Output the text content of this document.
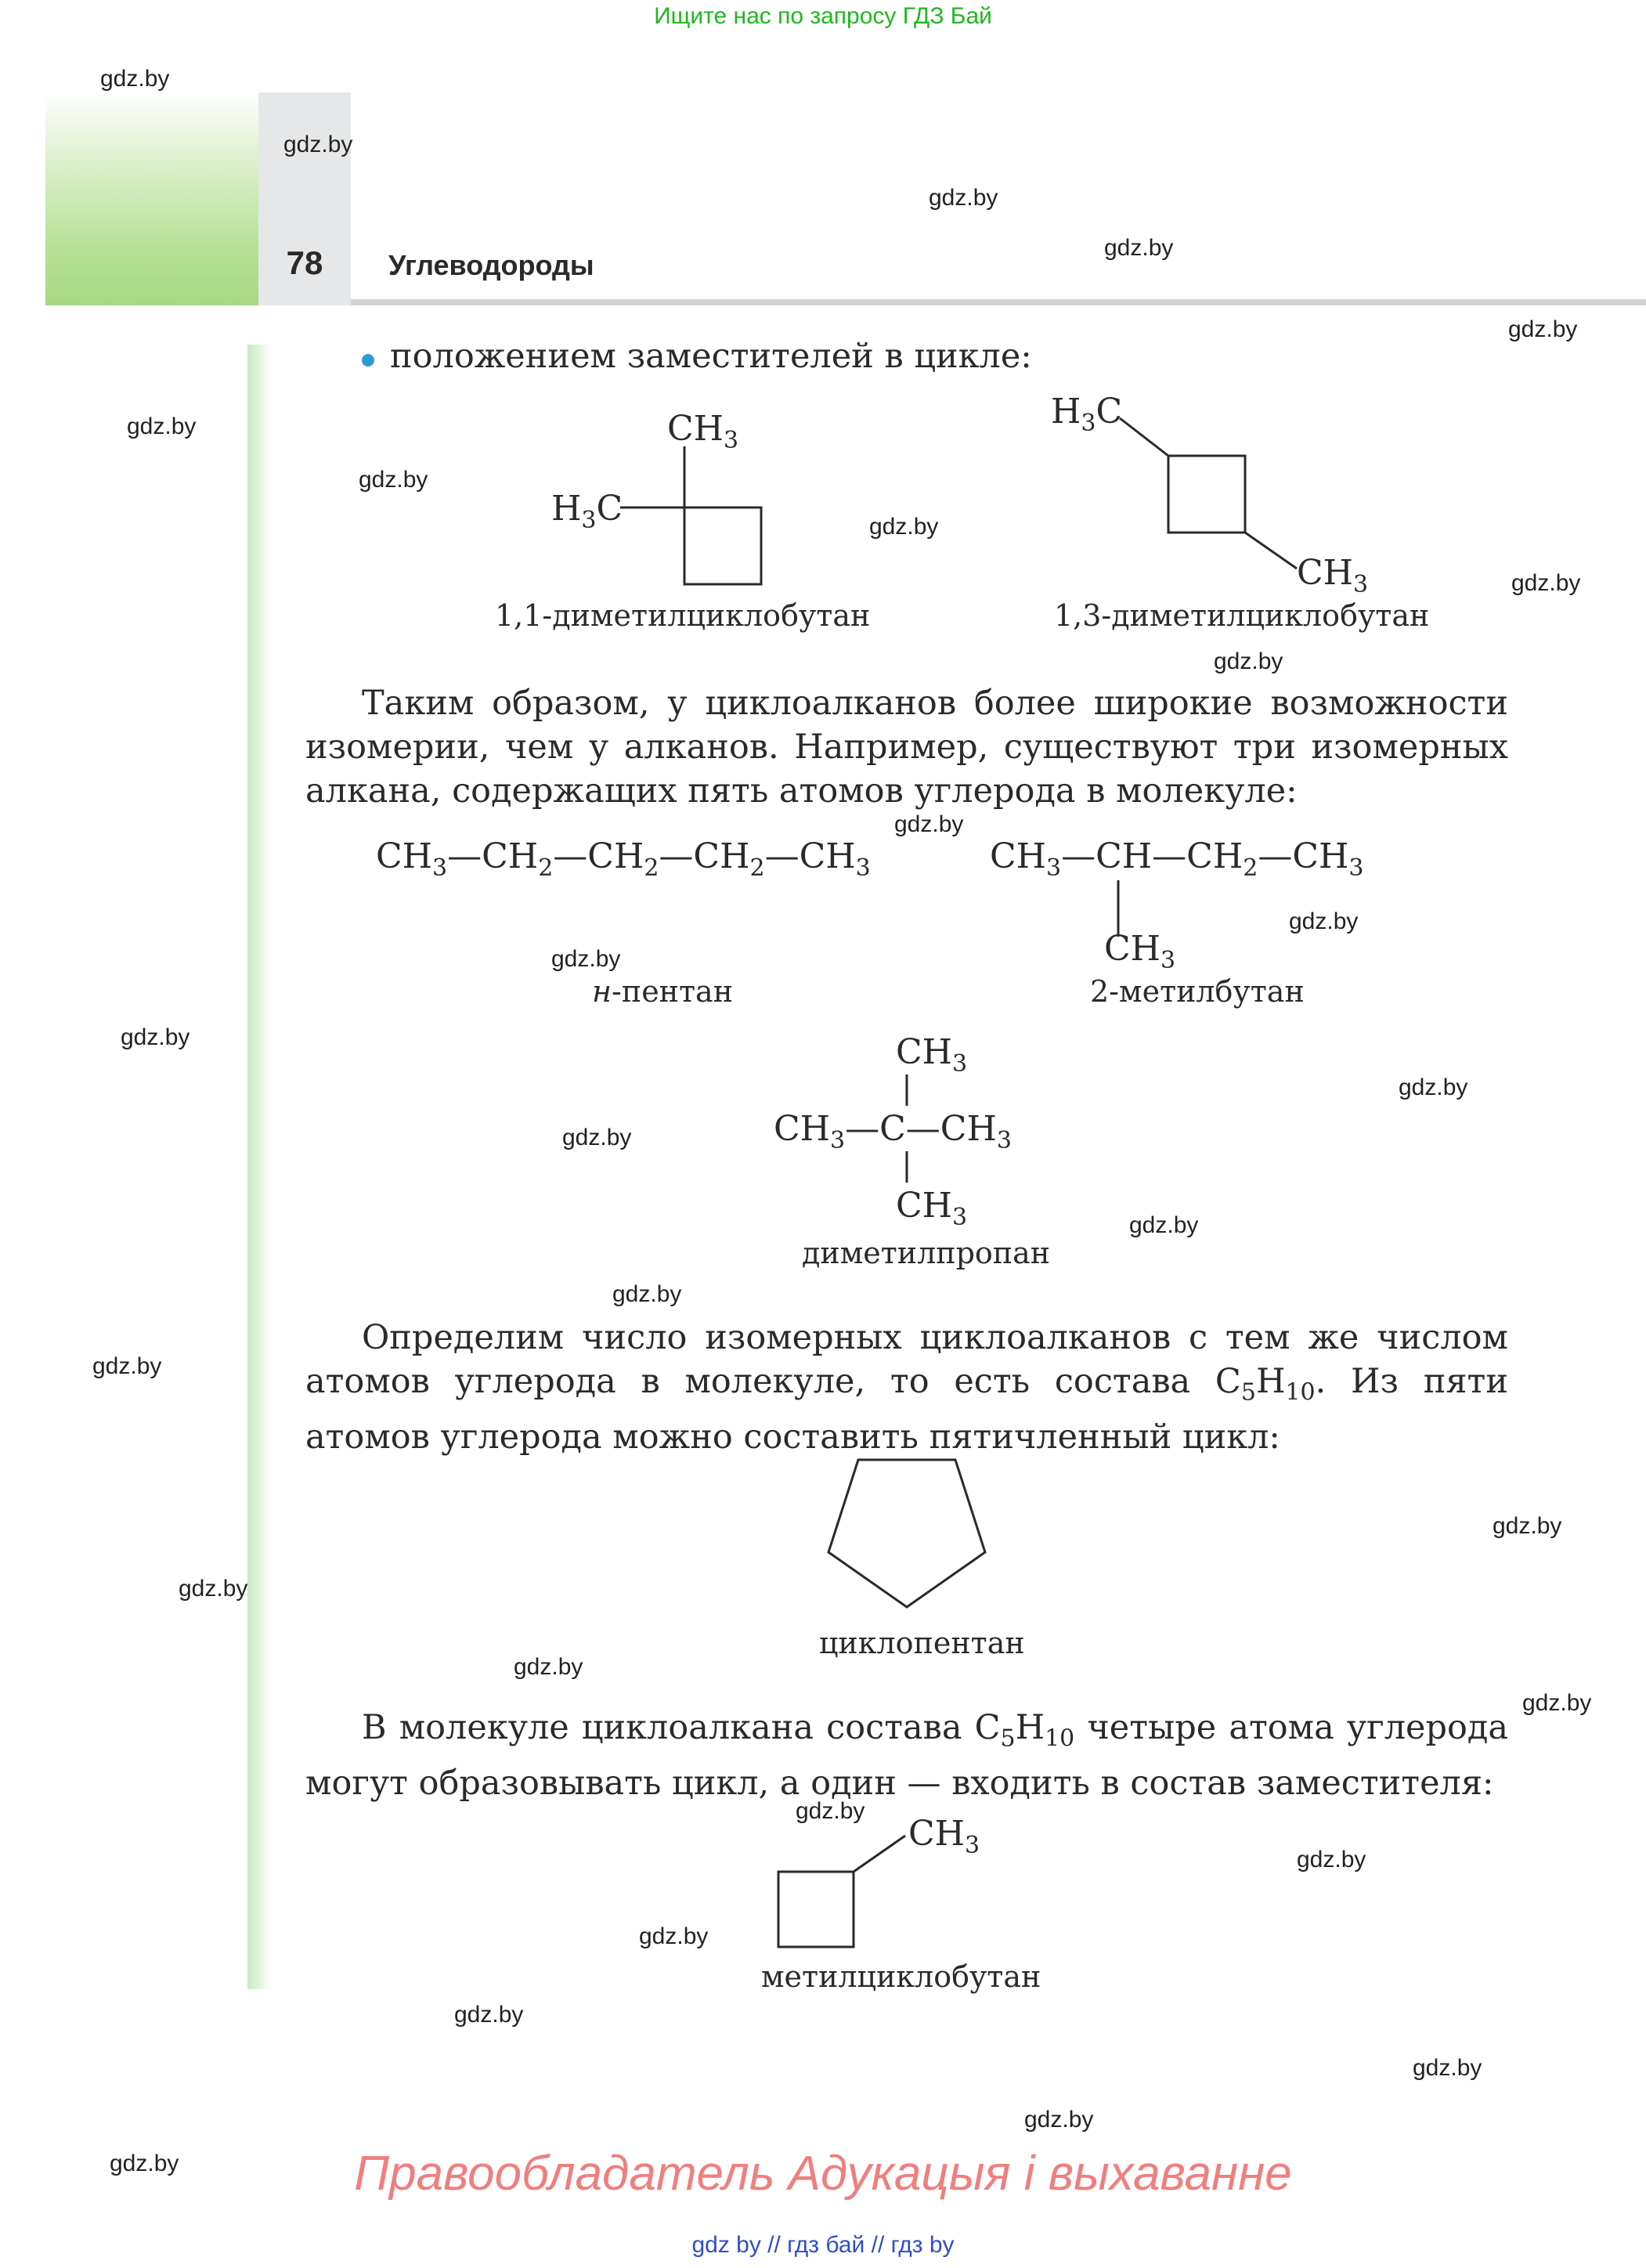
Ищите нас по запросу ГДЗ Бай
78	Углеводороды
положением заместителей в цикле:
$CH_3$
$H_3C$
1,1-диметилциклобутан
$H_3C$
$CH_3$
1,3-диметилциклобутан
Таким образом, у циклоалканов более широкие возможности изомерии, чем у алканов. Например, существуют три изомерных алкана, содержащих пять атомов углерода в молекуле:
$CH_3—CH_2—CH_2—CH_2—CH_3$
н-пентан
$CH_3—CH—CH_2—CH_3$
$CH_3$
2-метилбутан
$CH_3$
$CH_3—C—CH_3$
$CH_3$
диметилпропан
Определим число изомерных циклоалканов с тем же числом атомов углерода в молекуле, то есть состава $C_5H_{10}$. Из пяти атомов углерода можно составить пятичленный цикл:
циклопентан
В молекуле циклоалкана состава $C_5H_{10}$ четыре атома углерода могут образовывать цикл, а один — входить в состав заместителя:
$CH_3$
метилциклобутан
gdz.by
gdz.by
gdz.by
gdz.by
gdz.by
gdz.by
gdz.by
gdz.by
gdz.by
gdz.by
gdz.by
gdz.by
gdz.by
gdz.by
gdz.by
gdz.by
gdz.by
gdz.by
gdz.by
gdz.by
gdz.by
gdz.by
gdz.by
gdz.by
gdz.by
gdz.by
gdz.by
gdz.by
gdz.by
gdz.by	Правообладатель Адукацыя і выхаванне
gdz by // гдз бай // гдз by
